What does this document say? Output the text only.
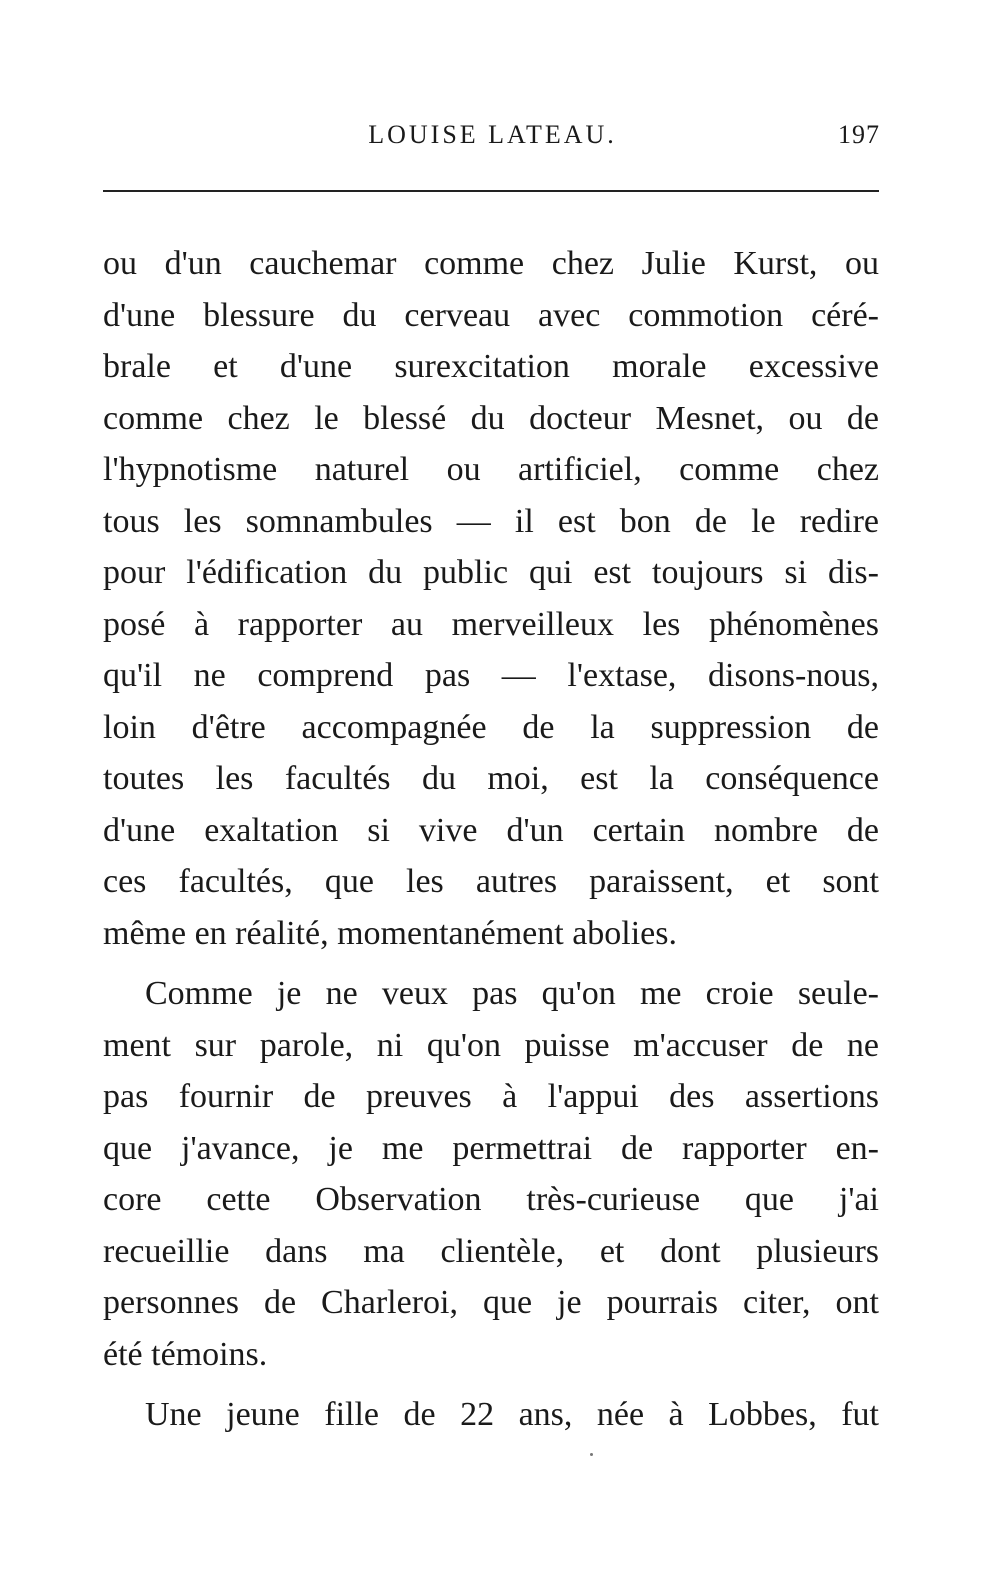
LOUISE LATEAU.	197
ou d'un cauchemar comme chez Julie Kurst, ou
d'une blessure du cerveau avec commotion céré-
brale et d'une surexcitation morale excessive
comme chez le blessé du docteur Mesnet, ou de
l'hypnotisme naturel ou artificiel, comme chez
tous les somnambules — il est bon de le redire
pour l'édification du public qui est toujours si dis-
posé à rapporter au merveilleux les phénomènes
qu'il ne comprend pas — l'extase, disons-nous,
loin d'être accompagnée de la suppression de
toutes les facultés du moi, est la conséquence
d'une exaltation si vive d'un certain nombre de
ces facultés, que les autres paraissent, et sont
même en réalité, momentanément abolies.
Comme je ne veux pas qu'on me croie seule-
ment sur parole, ni qu'on puisse m'accuser de ne
pas fournir de preuves à l'appui des assertions
que j'avance, je me permettrai de rapporter en-
core cette Observation très-curieuse que j'ai
recueillie dans ma clientèle, et dont plusieurs
personnes de Charleroi, que je pourrais citer, ont
été témoins.
Une jeune fille de 22 ans, née à Lobbes, fut
